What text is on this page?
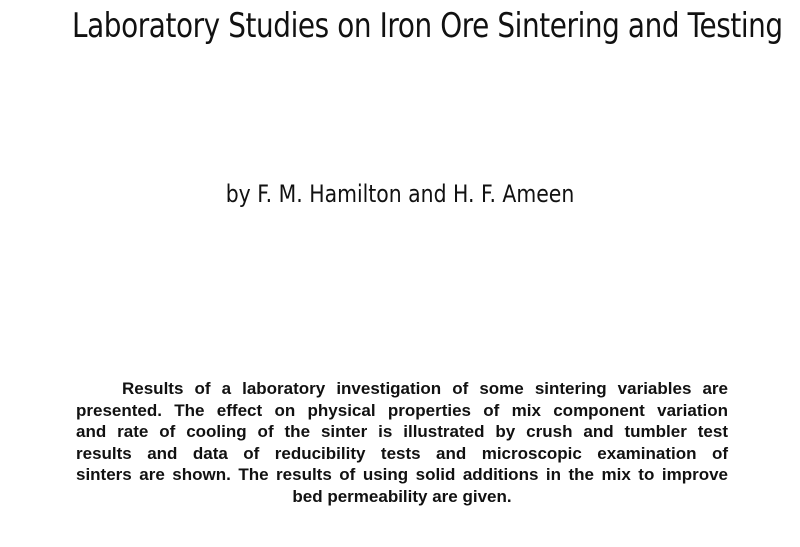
Laboratory Studies on Iron Ore Sintering and Testing

by F. M. Hamilton and H. F. Ameen

Results of a laboratory investigation of some sintering variables are
presented. The effect on physical properties of mix component variation
and rate of cooling of the sinter is illustrated by crush and tumbler test
results and data of reducibility tests and microscopic examination of
sinters are shown. The results of using solid additions in the mix to improve
bed permeability are given.
